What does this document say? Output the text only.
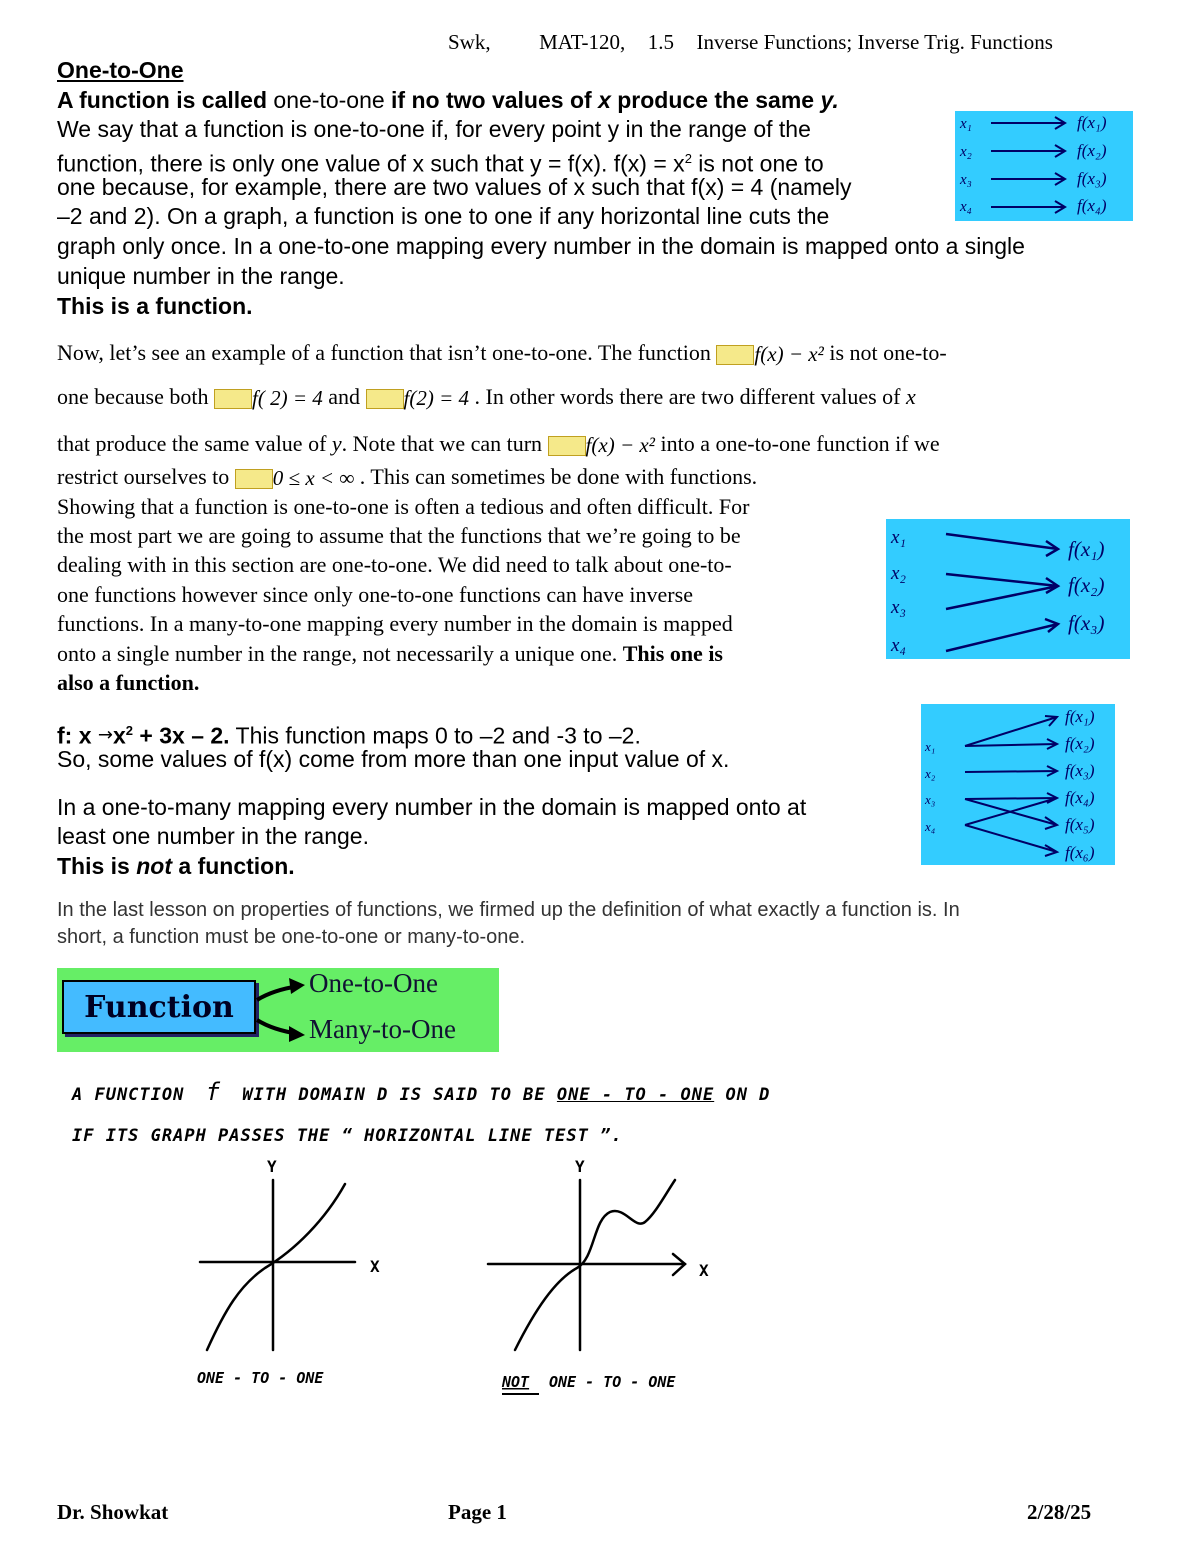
Swk, MAT-120, 1.5 Inverse Functions; Inverse Trig. Functions
One-to-One
A function is called one-to-one if no two values of x produce the same y.
We say that a function is one-to-one if, for every point y in the range of the
function, there is only one value of x such that y = f(x). $f(x) = x^2$ is not one to
one because, for example, there are two values of x such that f(x) = 4 (namely
–2 and 2). On a graph, a function is one to one if any horizontal line cuts the
graph only once. In a one-to-one mapping every number in the domain is mapped onto a single
unique number in the range.
This is a function.
x₁
x₂
x₃
x₄
f(x₁)
f(x₂)
f(x₃)
f(x₄)
Now, let’s see an example of a function that isn’t one-to-one. The function f(x) − x² is not one-to-
one because both f( 2) = 4 and f(2) = 4 . In other words there are two different values of x
that produce the same value of y. Note that we can turn f(x) − x² into a one-to-one function if we
restrict ourselves to 0 ≤ x < ∞ . This can sometimes be done with functions.
Showing that a function is one-to-one is often a tedious and often difficult. For
the most part we are going to assume that the functions that we’re going to be
dealing with in this section are one-to-one. We did need to talk about one-to-
one functions however since only one-to-one functions can have inverse
functions. In a many-to-one mapping every number in the domain is mapped
onto a single number in the range, not necessarily a unique one. This one is
also a function.
x₁
x₂
x₃
x₄
f(x₁)
f(x₂)
f(x₃)
f: $x \to x^2 + 3x - 2$. This function maps 0 to –2 and -3 to –2.
So, some values of f(x) come from more than one input value of x.
In a one-to-many mapping every number in the domain is mapped onto at
least one number in the range.
This is not a function.
x₁
x₂
x₃
x₄
f(x₁)
f(x₂)
f(x₃)
f(x₄)
f(x₅)
f(x₆)
In the last lesson on properties of functions, we firmed up the definition of what exactly a function is. In
short, a function must be one-to-one or many-to-one.
Function
One-to-One
Many-to-One
A FUNCTION f WITH DOMAIN D IS SAID TO BE ONE - TO - ONE ON D
IF ITS GRAPH PASSES THE “ HORIZONTAL LINE TEST ”.
Y
X
ONE - TO - ONE
Y
X
NOT ONE - TO - ONE
Dr. Showkat	Page 1	2/28/25
